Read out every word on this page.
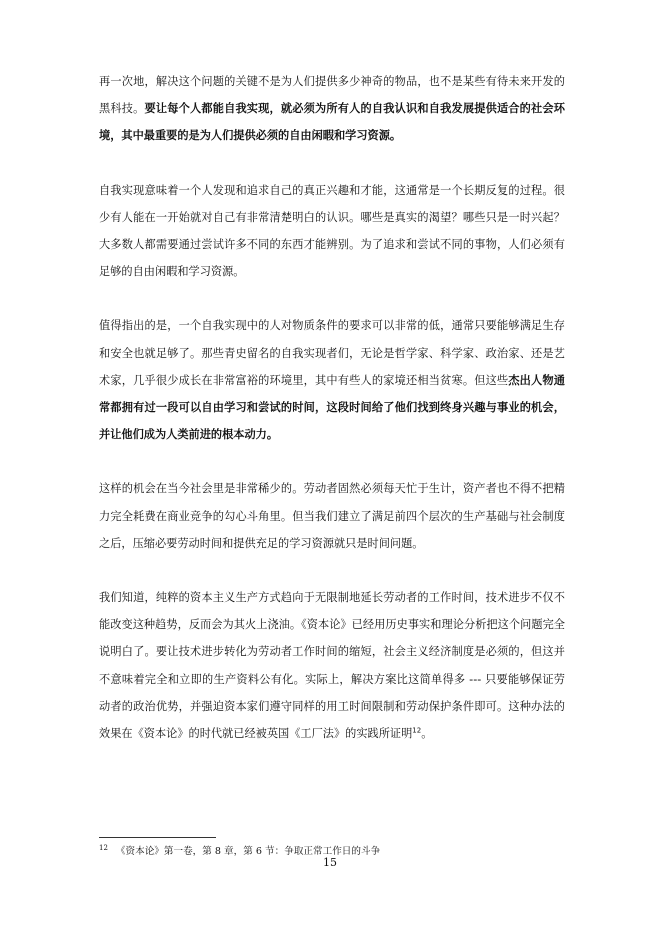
再一次地，解决这个问题的关键不是为人们提供多少神奇的物品，也不是某些有待未来开发的黑科技。要让每个人都能自我实现，就必须为所有人的自我认识和自我发展提供适合的社会环境，其中最重要的是为人们提供必须的自由闲暇和学习资源。

自我实现意味着一个人发现和追求自己的真正兴趣和才能，这通常是一个长期反复的过程。很少有人能在一开始就对自己有非常清楚明白的认识。哪些是真实的渴望？哪些只是一时兴起？大多数人都需要通过尝试许多不同的东西才能辨别。为了追求和尝试不同的事物，人们必须有足够的自由闲暇和学习资源。

值得指出的是，一个自我实现中的人对物质条件的要求可以非常的低，通常只要能够满足生存和安全也就足够了。那些青史留名的自我实现者们，无论是哲学家、科学家、政治家、还是艺术家，几乎很少成长在非常富裕的环境里，其中有些人的家境还相当贫寒。但这些杰出人物通常都拥有过一段可以自由学习和尝试的时间，这段时间给了他们找到终身兴趣与事业的机会，并让他们成为人类前进的根本动力。

这样的机会在当今社会里是非常稀少的。劳动者固然必须每天忙于生计，资产者也不得不把精力完全耗费在商业竞争的勾心斗角里。但当我们建立了满足前四个层次的生产基础与社会制度之后，压缩必要劳动时间和提供充足的学习资源就只是时间问题。

我们知道，纯粹的资本主义生产方式趋向于无限制地延长劳动者的工作时间，技术进步不仅不能改变这种趋势，反而会为其火上浇油。《资本论》已经用历史事实和理论分析把这个问题完全说明白了。要让技术进步转化为劳动者工作时间的缩短，社会主义经济制度是必须的，但这并不意味着完全和立即的生产资料公有化。实际上，解决方案比这简单得多 --- 只要能够保证劳动者的政治优势，并强迫资本家们遵守同样的用工时间限制和劳动保护条件即可。这种办法的效果在《资本论》的时代就已经被英国《工厂法》的实践所证明$^{12}$。

$^{12}$ 《资本论》第一卷，第 8 章，第 6 节：争取正常工作日的斗争
15
